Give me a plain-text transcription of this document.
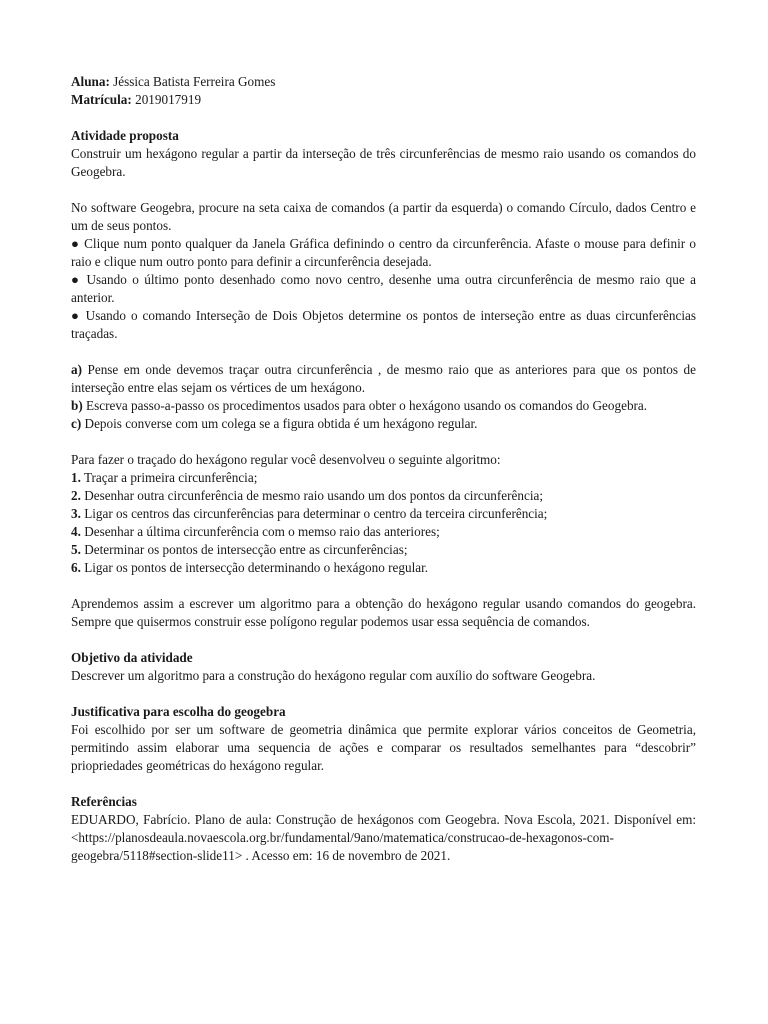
Aluna: Jéssica Batista Ferreira Gomes

Matrícula: 2019017919

Atividade proposta

Construir um hexágono regular a partir da interseção de três circunferências de mesmo raio usando os comandos do Geogebra.

No software Geogebra, procure na seta caixa de comandos (a partir da esquerda) o comando Círculo, dados Centro e um de seus pontos.

● Clique num ponto qualquer da Janela Gráfica definindo o centro da circunferência. Afaste o mouse para definir o raio e clique num outro ponto para definir a circunferência desejada.

● Usando o último ponto desenhado como novo centro, desenhe uma outra circunferência de mesmo raio que a anterior.

● Usando o comando Interseção de Dois Objetos determine os pontos de interseção entre as duas circunferências traçadas.

a) Pense em onde devemos traçar outra circunferência , de mesmo raio que as anteriores para que os pontos de interseção entre elas sejam os vértices de um hexágono.

b) Escreva passo-a-passo os procedimentos usados para obter o hexágono usando os comandos do Geogebra.

c) Depois converse com um colega se a figura obtida é um hexágono regular.

Para fazer o traçado do hexágono regular você desenvolveu o seguinte algoritmo:

1. Traçar a primeira circunferência;

2. Desenhar outra circunferência de mesmo raio usando um dos pontos da circunferência;

3. Ligar os centros das circunferências para determinar o centro da terceira circunferência;

4. Desenhar a última circunferência com o memso raio das anteriores;

5. Determinar os pontos de intersecção entre as circunferências;

6. Ligar os pontos de intersecção determinando o hexágono regular.

Aprendemos assim a escrever um algoritmo para a obtenção do hexágono regular usando comandos do geogebra. Sempre que quisermos construir esse polígono regular podemos usar essa sequência de comandos.

Objetivo da atividade

Descrever um algoritmo para a construção do hexágono regular com auxílio do software Geogebra.

Justificativa para escolha do geogebra

Foi escolhido por ser um software de geometria dinâmica que permite explorar vários conceitos de Geometria, permitindo assim elaborar uma sequencia de ações e comparar os resultados semelhantes para “descobrir” priopriedades geométricas do hexágono regular.

Referências

EDUARDO, Fabrício. Plano de aula: Construção de hexágonos com Geogebra. Nova Escola, 2021. Disponível em: <https://planosdeaula.novaescola.org.br/fundamental/9ano/matematica/construcao-de-hexagonos-com-geogebra/5118#section-slide11> . Acesso em: 16 de novembro de 2021.
